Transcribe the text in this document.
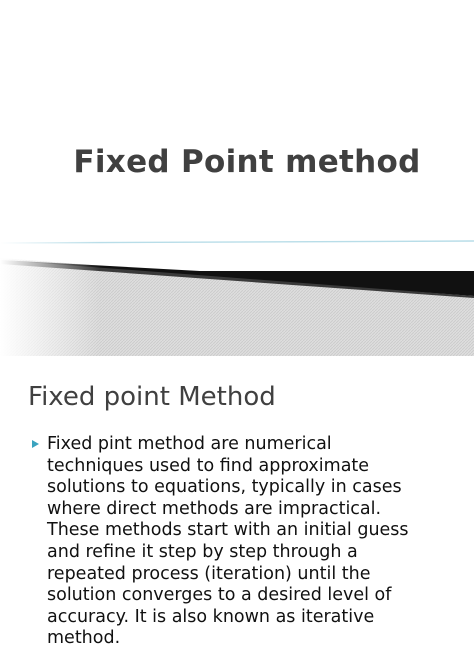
Fixed Point method
Fixed point Method
Fixed pint method are numerical
techniques used to find approximate
solutions to equations, typically in cases
where direct methods are impractical.
These methods start with an initial guess
and refine it step by step through a
repeated process (iteration) until the
solution converges to a desired level of
accuracy. It is also known as iterative
method.
